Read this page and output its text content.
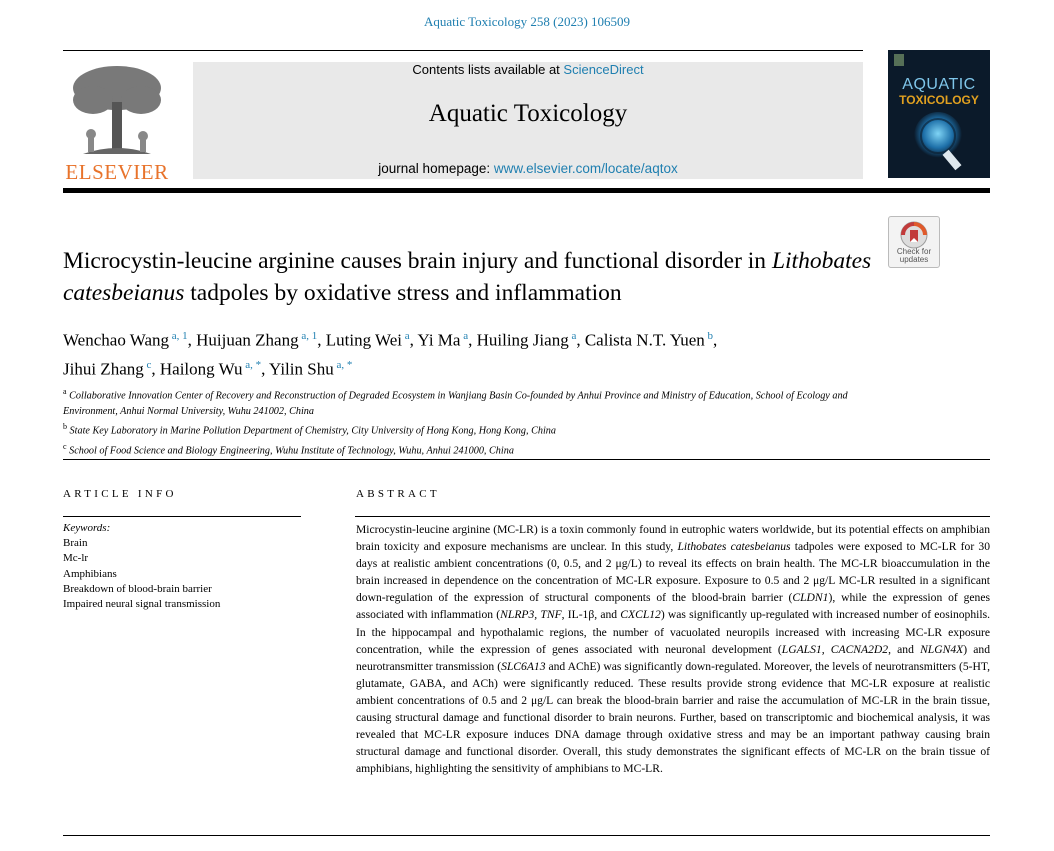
Aquatic Toxicology 258 (2023) 106509
ELSEVIER
Contents lists available at ScienceDirect
Aquatic Toxicology
journal homepage: www.elsevier.com/locate/aqtox
AQUATIC
TOXICOLOGY
Check for updates
Microcystin-leucine arginine causes brain injury and functional disorder in Lithobates catesbeianus tadpoles by oxidative stress and inflammation
Wenchao Wang $^{a, 1}$, Huijuan Zhang $^{a, 1}$, Luting Wei $^a$, Yi Ma $^a$, Huiling Jiang $^a$, Calista N.T. Yuen $^b$,
Jihui Zhang $^c$, Hailong Wu $^{a, *}$, Yilin Shu $^{a, *}$
$^a$ Collaborative Innovation Center of Recovery and Reconstruction of Degraded Ecosystem in Wanjiang Basin Co-founded by Anhui Province and Ministry of Education, School of Ecology and Environment, Anhui Normal University, Wuhu 241002, China
$^b$ State Key Laboratory in Marine Pollution Department of Chemistry, City University of Hong Kong, Hong Kong, China
$^c$ School of Food Science and Biology Engineering, Wuhu Institute of Technology, Wuhu, Anhui 241000, China
ARTICLE INFO	ABSTRACT
Keywords:
Brain
Mc-lr
Amphibians
Breakdown of blood-brain barrier
Impaired neural signal transmission
Microcystin-leucine arginine (MC-LR) is a toxin commonly found in eutrophic waters worldwide, but its potential effects on amphibian brain toxicity and exposure mechanisms are unclear. In this study, Lithobates catesbeianus tadpoles were exposed to MC-LR for 30 days at realistic ambient concentrations (0, 0.5, and 2 μg/L) to reveal its effects on brain health. The MC-LR bioaccumulation in the brain increased in dependence on the concentration of MC-LR exposure. Exposure to 0.5 and 2 μg/L MC-LR resulted in a significant down-regulation of the expression of structural components of the blood-brain barrier (CLDN1), while the expression of genes associated with inflammation (NLRP3, TNF, IL-1β, and CXCL12) was significantly up-regulated with increased number of eosinophils. In the hippocampal and hypothalamic regions, the number of vacuolated neuropils increased with increasing MC-LR exposure concentration, while the expression of genes associated with neuronal development (LGALS1, CACNA2D2, and NLGN4X) and neurotransmitter transmission (SLC6A13 and AChE) was significantly down-regulated. Moreover, the levels of neurotransmitters (5-HT, glutamate, GABA, and ACh) were significantly reduced. These results provide strong evidence that MC-LR exposure at realistic ambient concentrations of 0.5 and 2 μg/L can break the blood-brain barrier and raise the accumulation of MC-LR in the brain tissue, causing structural damage and functional disorder to brain neurons. Further, based on transcriptomic and biochemical analysis, it was revealed that MC-LR exposure induces DNA damage through oxidative stress and may be an important pathway causing brain structural damage and functional disorder. Overall, this study demonstrates the significant effects of MC-LR on the brain tissue of amphibians, highlighting the sensitivity of amphibians to MC-LR.
